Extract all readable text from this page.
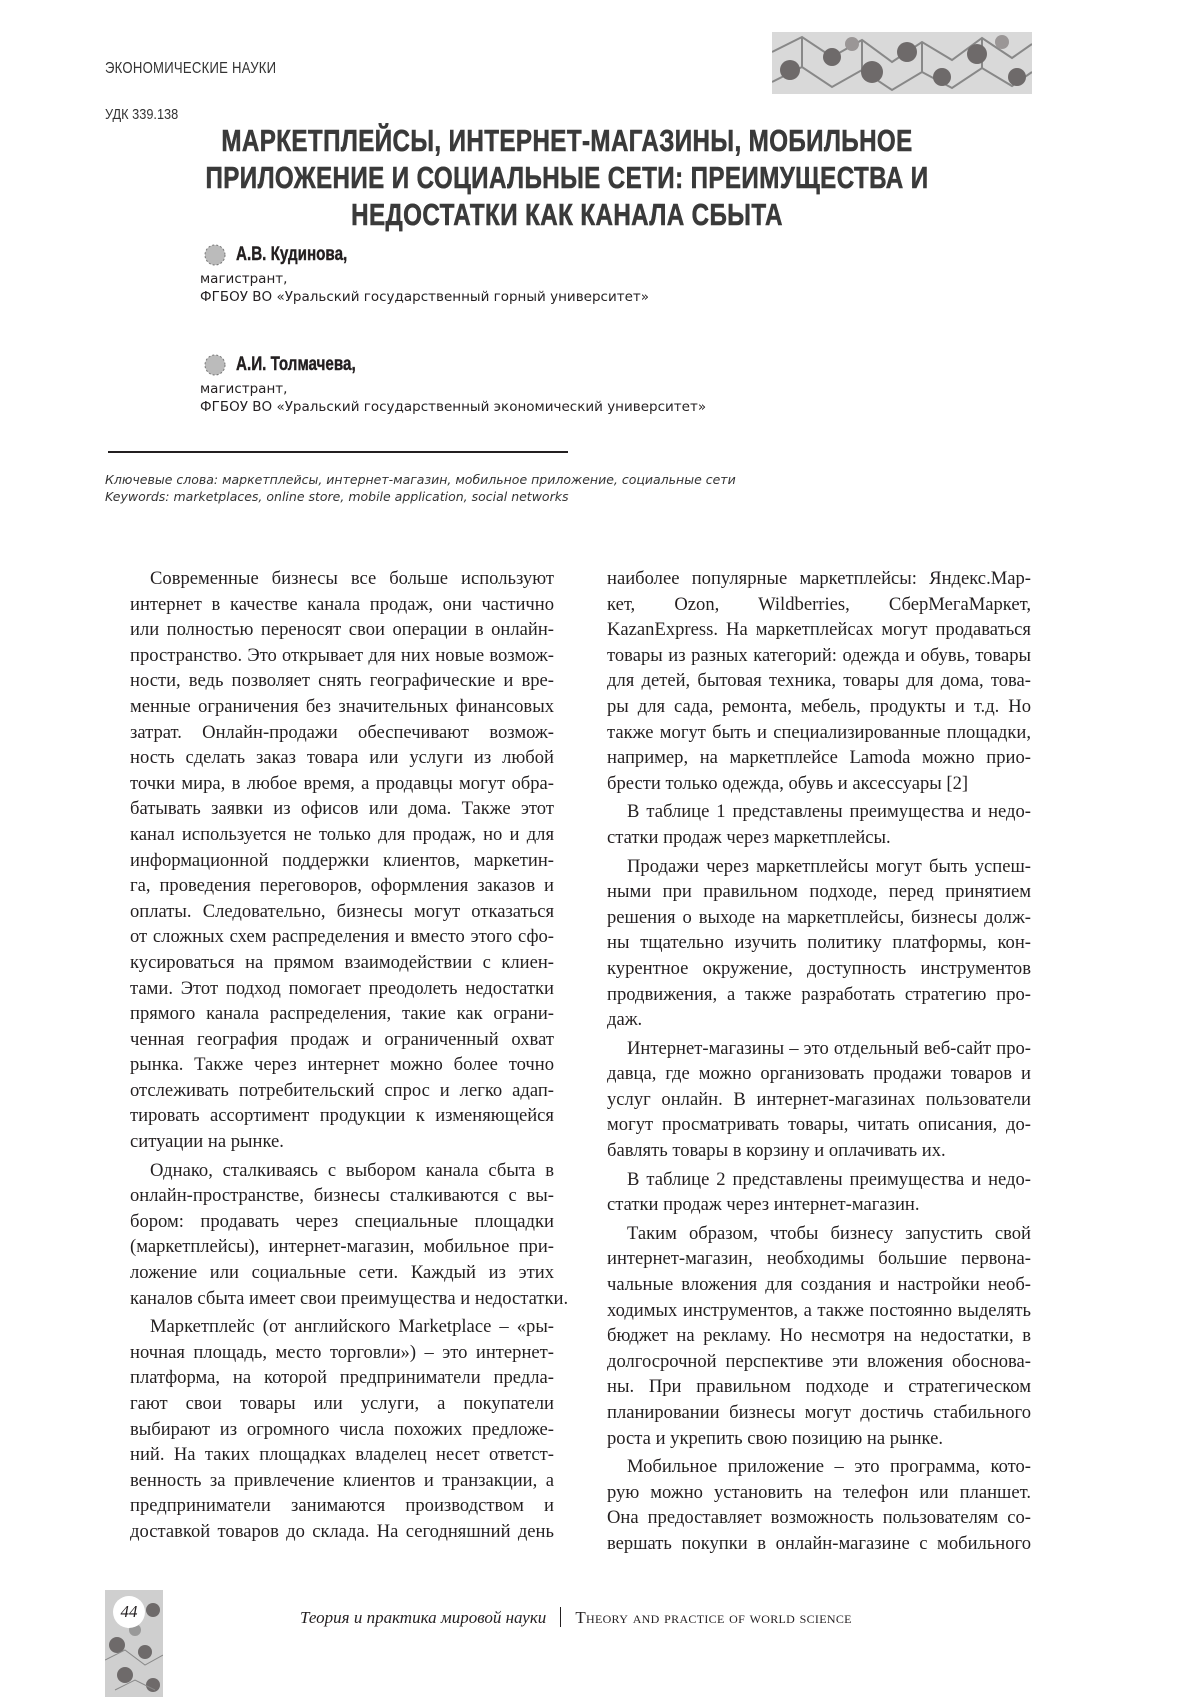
ЭКОНОМИЧЕСКИЕ НАУКИ
УДК 339.138
МАРКЕТПЛЕЙСЫ, ИНТЕРНЕТ-МАГАЗИНЫ, МОБИЛЬНОЕ
ПРИЛОЖЕНИЕ И СОЦИАЛЬНЫЕ СЕТИ: ПРЕИМУЩЕСТВА И
НЕДОСТАТКИ КАК КАНАЛА СБЫТА
А.В. Кудинова,
магистрант,
ФГБОУ ВО «Уральский государственный горный университет»
А.И. Толмачева,
магистрант,
ФГБОУ ВО «Уральский государственный экономический университет»
Ключевые слова: маркетплейсы, интернет-магазин, мобильное приложение, социальные сети
Keywords: marketplaces, online store, mobile application, social networks
Современные бизнесы все больше используют
интернет в качестве канала продаж, они частично
или полностью переносят свои операции в онлайн-
пространство. Это открывает для них новые возмож-
ности, ведь позволяет снять географические и вре-
менные ограничения без значительных финансовых
затрат. Онлайн-продажи обеспечивают возмож-
ность сделать заказ товара или услуги из любой
точки мира, в любое время, а продавцы могут обра-
батывать заявки из офисов или дома. Также этот
канал используется не только для продаж, но и для
информационной поддержки клиентов, маркетин-
га, проведения переговоров, оформления заказов и
оплаты. Следовательно, бизнесы могут отказаться
от сложных схем распределения и вместо этого сфо-
кусироваться на прямом взаимодействии с клиен-
тами. Этот подход помогает преодолеть недостатки
прямого канала распределения, такие как ограни-
ченная география продаж и ограниченный охват
рынка. Также через интернет можно более точно
отслеживать потребительский спрос и легко адап-
тировать ассортимент продукции к изменяющейся
ситуации на рынке.
Однако, сталкиваясь с выбором канала сбыта в
онлайн-пространстве, бизнесы сталкиваются с вы-
бором: продавать через специальные площадки
(маркетплейсы), интернет-магазин, мобильное при-
ложение или социальные сети. Каждый из этих
каналов сбыта имеет свои преимущества и недостатки.
Маркетплейс (от английского Marketplace – «ры-
ночная площадь, место торговли») – это интернет-
платформа, на которой предприниматели предла-
гают свои товары или услуги, а покупатели
выбирают из огромного числа похожих предложе-
ний. На таких площадках владелец несет ответст-
венность за привлечение клиентов и транзакции, а
предприниматели занимаются производством и
доставкой товаров до склада. На сегодняшний день
наиболее популярные маркетплейсы: Яндекс.Мар-
кет, Ozon, Wildberries, СберМегаМаркет,
KazanExpress. На маркетплейсах могут продаваться
товары из разных категорий: одежда и обувь, товары
для детей, бытовая техника, товары для дома, това-
ры для сада, ремонта, мебель, продукты и т.д. Но
также могут быть и специализированные площадки,
например, на маркетплейсе Lamoda можно прио-
брести только одежда, обувь и аксессуары [2]
В таблице 1 представлены преимущества и недо-
статки продаж через маркетплейсы.
Продажи через маркетплейсы могут быть успеш-
ными при правильном подходе, перед принятием
решения о выходе на маркетплейсы, бизнесы долж-
ны тщательно изучить политику платформы, кон-
курентное окружение, доступность инструментов
продвижения, а также разработать стратегию про-
даж.
Интернет-магазины – это отдельный веб-сайт про-
давца, где можно организовать продажи товаров и
услуг онлайн. В интернет-магазинах пользователи
могут просматривать товары, читать описания, до-
бавлять товары в корзину и оплачивать их.
В таблице 2 представлены преимущества и недо-
статки продаж через интернет-магазин.
Таким образом, чтобы бизнесу запустить свой
интернет-магазин, необходимы большие первона-
чальные вложения для создания и настройки необ-
ходимых инструментов, а также постоянно выделять
бюджет на рекламу. Но несмотря на недостатки, в
долгосрочной перспективе эти вложения обоснова-
ны. При правильном подходе и стратегическом
планировании бизнесы могут достичь стабильного
роста и укрепить свою позицию на рынке.
Мобильное приложение – это программа, кото-
рую можно установить на телефон или планшет.
Она предоставляет возможность пользователям со-
вершать покупки в онлайн-магазине с мобильного
44	Теория и практика мировой науки Theory and practice of world science
